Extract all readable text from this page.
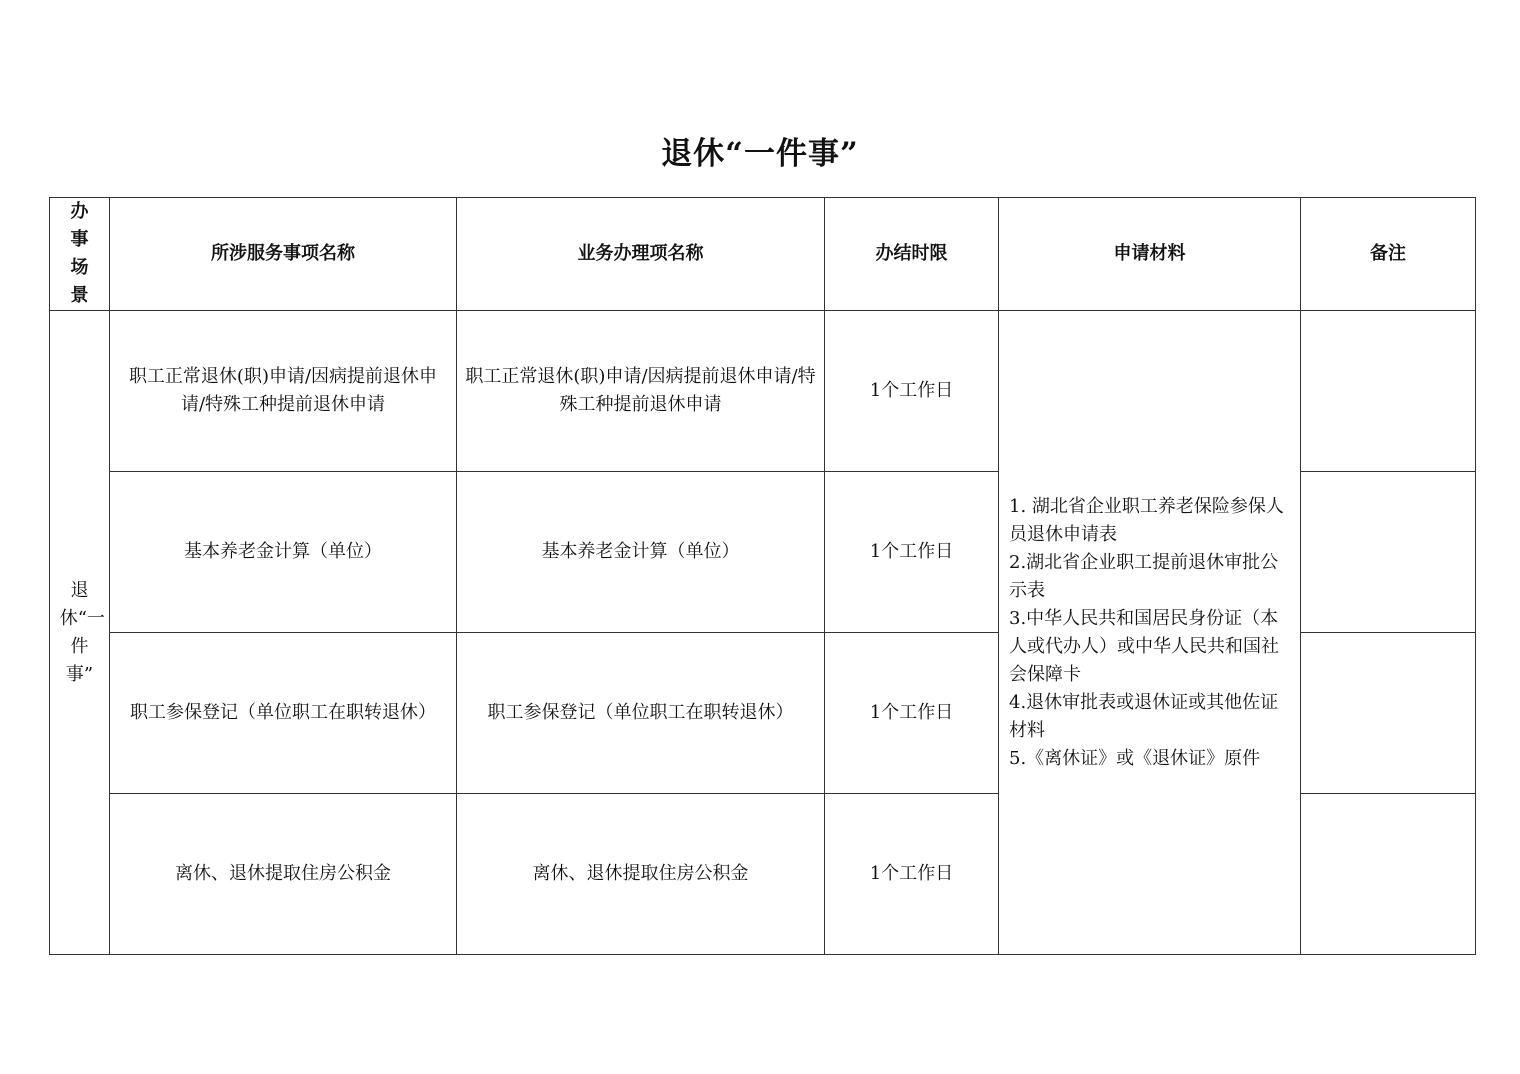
退休“一件事”
办事场景	所涉服务事项名称	业务办理项名称	办结时限	申请材料	备注

退休“一件事”	职工正常退休(职)申请/因病提前退休申请/特殊工种提前退休申请	职工正常退休(职)申请/因病提前退休申请/特殊工种提前退休申请	1个工作日	1. 湖北省企业职工养老保险参保人员退休申请表
2.湖北省企业职工提前退休审批公示表
3.中华人民共和国居民身份证（本人或代办人）或中华人民共和国社会保障卡
4.退休审批表或退休证或其他佐证材料
5.《离休证》或《退休证》原件	

	基本养老金计算（单位）	基本养老金计算（单位）	1个工作日		

	职工参保登记（单位职工在职转退休）	职工参保登记（单位职工在职转退休）	1个工作日		

	离休、退休提取住房公积金	离休、退休提取住房公积金	1个工作日		
